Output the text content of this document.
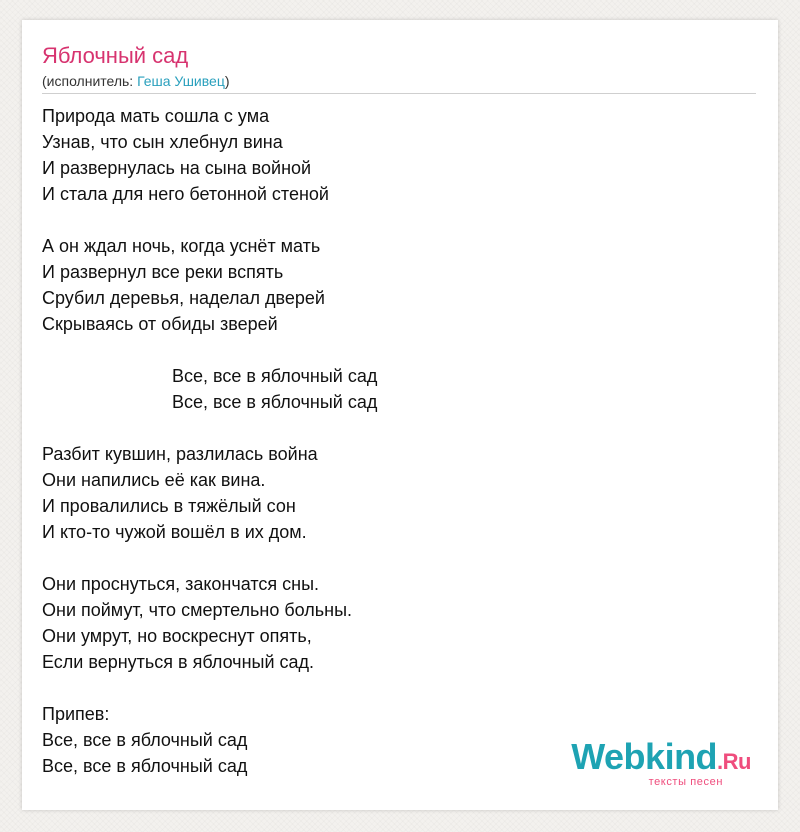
Яблочный сад
(исполнитель: Геша Ушивец)
Природа мать сошла с ума
Узнав, что сын хлебнул вина
И развернулась на сына войной
И стала для него бетонной стеной
А он ждал ночь, когда уснёт мать
И развернул все реки вспять
Срубил деревья, наделал дверей
Скрываясь от обиды зверей
Все, все в яблочный сад
Все, все в яблочный сад
Разбит кувшин, разлилась война
Они напились её как вина.
И провалились в тяжёлый сон
И кто-то чужой вошёл в их дом.
Они проснуться, закончатся сны.
Они поймут, что смертельно больны.
Они умрут, но воскреснут опять,
Если вернуться в яблочный сад.
Припев:
Все, все в яблочный сад
Все, все в яблочный сад	Webkind.Ru
тексты песен
